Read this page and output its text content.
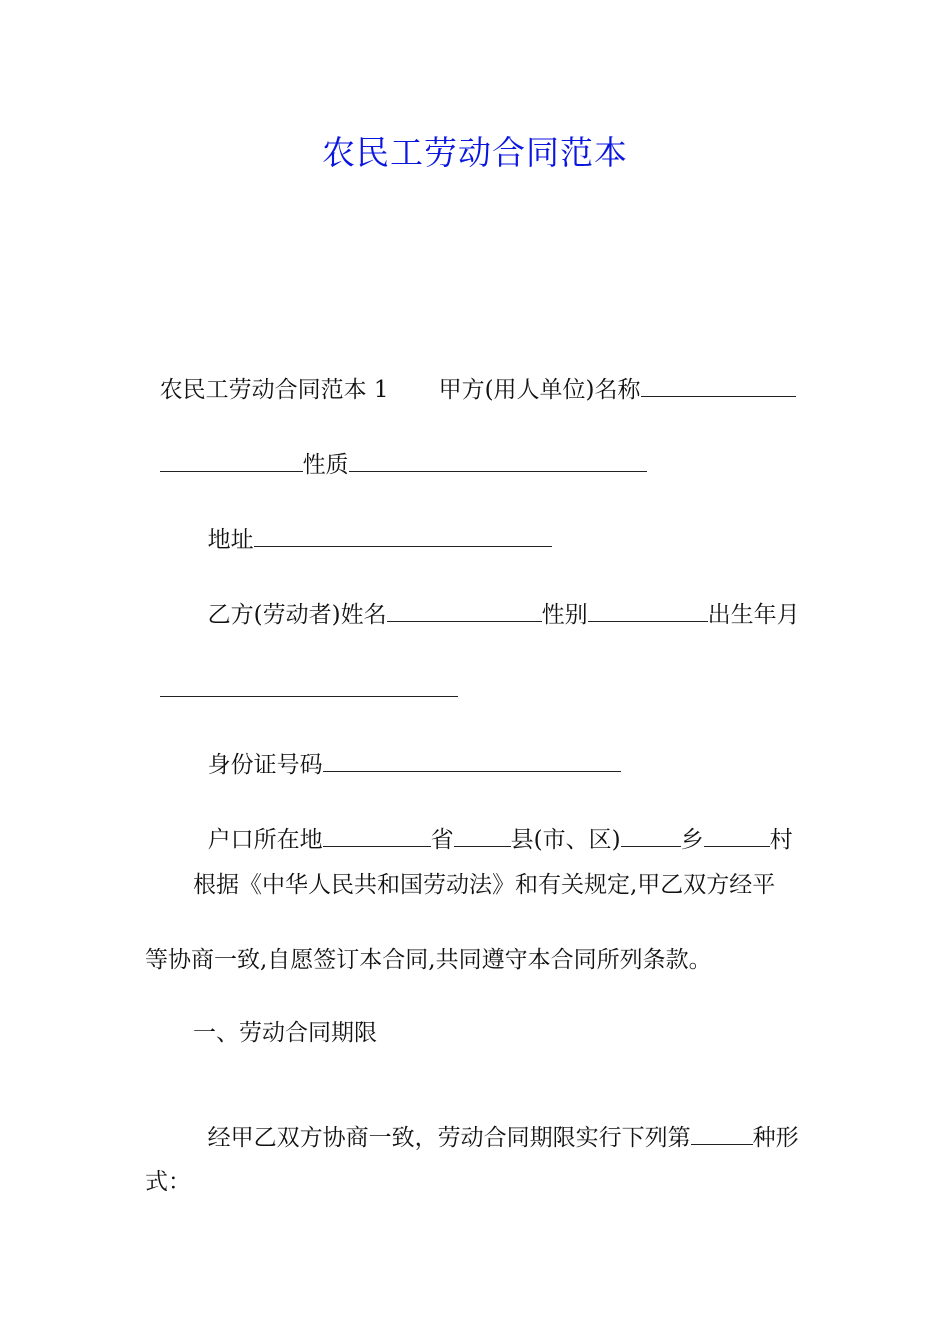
农民工劳动合同范本

农民工劳动合同范本 1 甲方(用人单位)名称

性质

地址

乙方(劳动者)姓名	性别	出生年月

身份证号码

户口所在地	省 县(市、区)	乡	村

根据《中华人民共和国劳动法》和有关规定,甲乙双方经平
等协商一致,自愿签订本合同,共同遵守本合同所列条款。
一、劳动合同期限

经甲乙双方协商一致，劳动合同期限实行下列第	种形

式：
